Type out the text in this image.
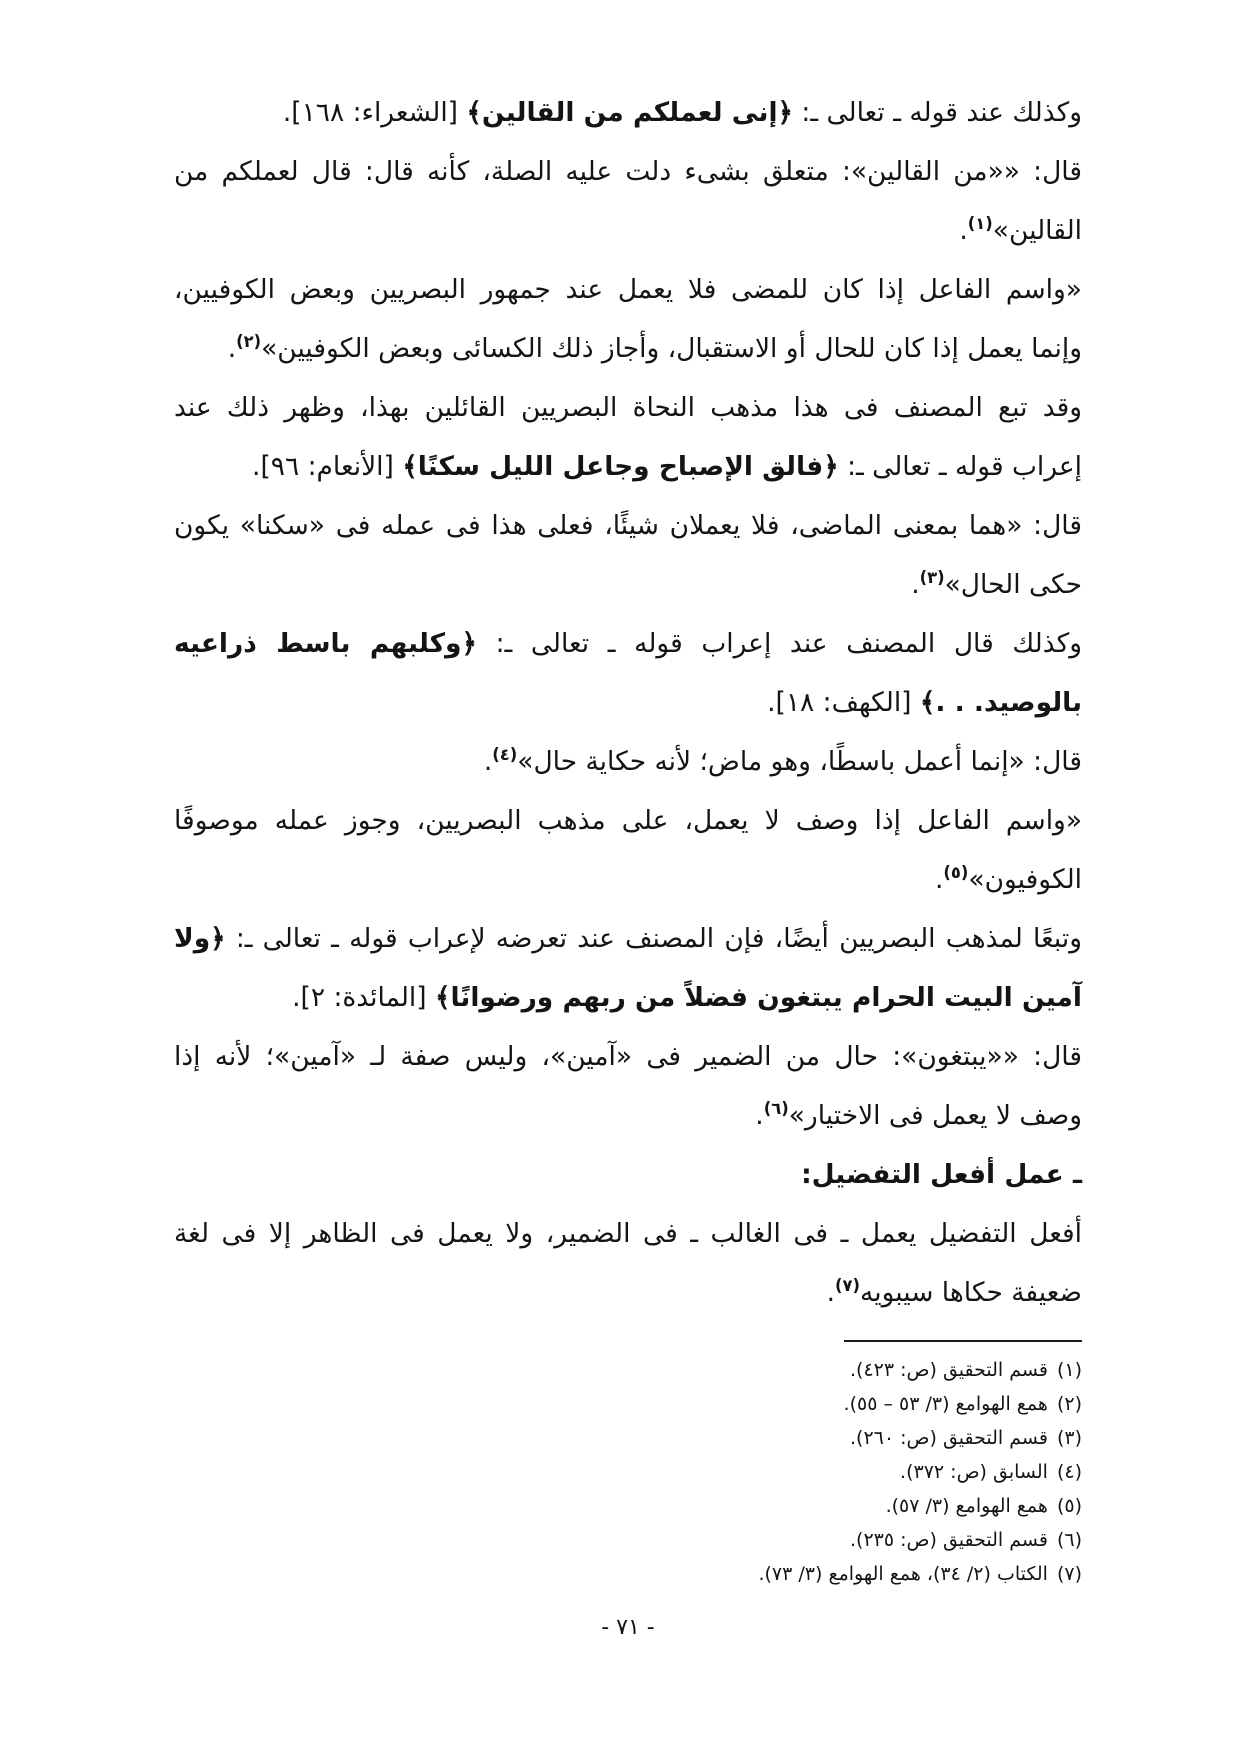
وكذلك عند قوله ـ تعالى ـ: ﴿إنى لعملكم من القالين﴾ [الشعراء: ١٦٨].
قال: ««من القالين»: متعلق بشىء دلت عليه الصلة، كأنه قال: قال لعملكم من
القالين»$^{(١)}$.
«واسم الفاعل إذا كان للمضى فلا يعمل عند جمهور البصريين وبعض الكوفيين،
وإنما يعمل إذا كان للحال أو الاستقبال، وأجاز ذلك الكسائى وبعض الكوفيين»$^{(٢)}$.
وقد تبع المصنف فى هذا مذهب النحاة البصريين القائلين بهذا، وظهر ذلك عند
إعراب قوله ـ تعالى ـ: ﴿فالق الإصباح وجاعل الليل سكنًا﴾ [الأنعام: ٩٦].
قال: «هما بمعنى الماضى، فلا يعملان شيئًا، فعلى هذا فى عمله فى «سكنا» يكون
حكى الحال»$^{(٣)}$.
وكذلك قال المصنف عند إعراب قوله ـ تعالى ـ: ﴿وكلبهم باسط ذراعيه
بالوصيد. . .﴾ [الكهف: ١٨].
قال: «إنما أعمل باسطًا، وهو ماض؛ لأنه حكاية حال»$^{(٤)}$.
«واسم الفاعل إذا وصف لا يعمل، على مذهب البصريين، وجوز عمله موصوفًا
الكوفيون»$^{(٥)}$.
وتبعًا لمذهب البصريين أيضًا، فإن المصنف عند تعرضه لإعراب قوله ـ تعالى ـ: ﴿ولا
آمين البيت الحرام يبتغون فضلاً من ربهم ورضوانًا﴾ [المائدة: ٢].
قال: ««يبتغون»: حال من الضمير فى «آمين»، وليس صفة لـ «آمين»؛ لأنه إذا
وصف لا يعمل فى الاختيار»$^{(٦)}$.
ـ عمل أفعل التفضيل:
أفعل التفضيل يعمل ـ فى الغالب ـ فى الضمير، ولا يعمل فى الظاهر إلا فى لغة
ضعيفة حكاها سيبويه$^{(٧)}$.
(١)قسم التحقيق (ص: ٤٢٣).
(٢)همع الهوامع (٣/ ٥٣ – ٥٥).
(٣)قسم التحقيق (ص: ٢٦٠).
(٤)السابق (ص: ٣٧٢).
(٥)همع الهوامع (٣/ ٥٧).
(٦)قسم التحقيق (ص: ٢٣٥).
(٧)الكتاب (٢/ ٣٤)، همع الهوامع (٣/ ٧٣).
- ٧١ -
